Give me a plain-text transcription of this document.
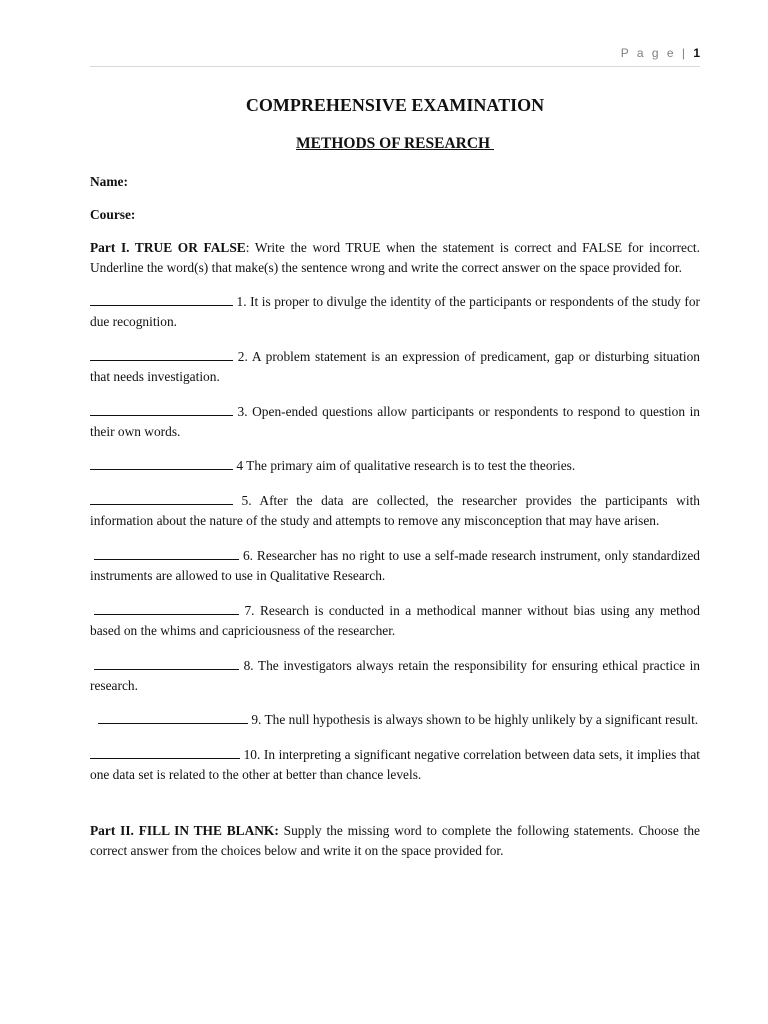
P a g e | 1
COMPREHENSIVE EXAMINATION
METHODS OF RESEARCH

Name:

Course:

Part I. TRUE OR FALSE: Write the word TRUE when the statement is correct and FALSE for incorrect. Underline the word(s) that make(s) the sentence wrong and write the correct answer on the space provided for.

1. It is proper to divulge the identity of the participants or respondents of the study for due recognition.

2. A problem statement is an expression of predicament, gap or disturbing situation that needs investigation.

3. Open-ended questions allow participants or respondents to respond to question in their own words.

4 The primary aim of qualitative research is to test the theories.

5. After the data are collected, the researcher provides the participants with information about the nature of the study and attempts to remove any misconception that may have arisen.

6. Researcher has no right to use a self-made research instrument, only standardized instruments are allowed to use in Qualitative Research.

7. Research is conducted in a methodical manner without bias using any method based on the whims and capriciousness of the researcher.

8. The investigators always retain the responsibility for ensuring ethical practice in research.

9. The null hypothesis is always shown to be highly unlikely by a significant result.

10. In interpreting a significant negative correlation between data sets, it implies that one data set is related to the other at better than chance levels.

Part II. FILL IN THE BLANK: Supply the missing word to complete the following statements. Choose the correct answer from the choices below and write it on the space provided for.
